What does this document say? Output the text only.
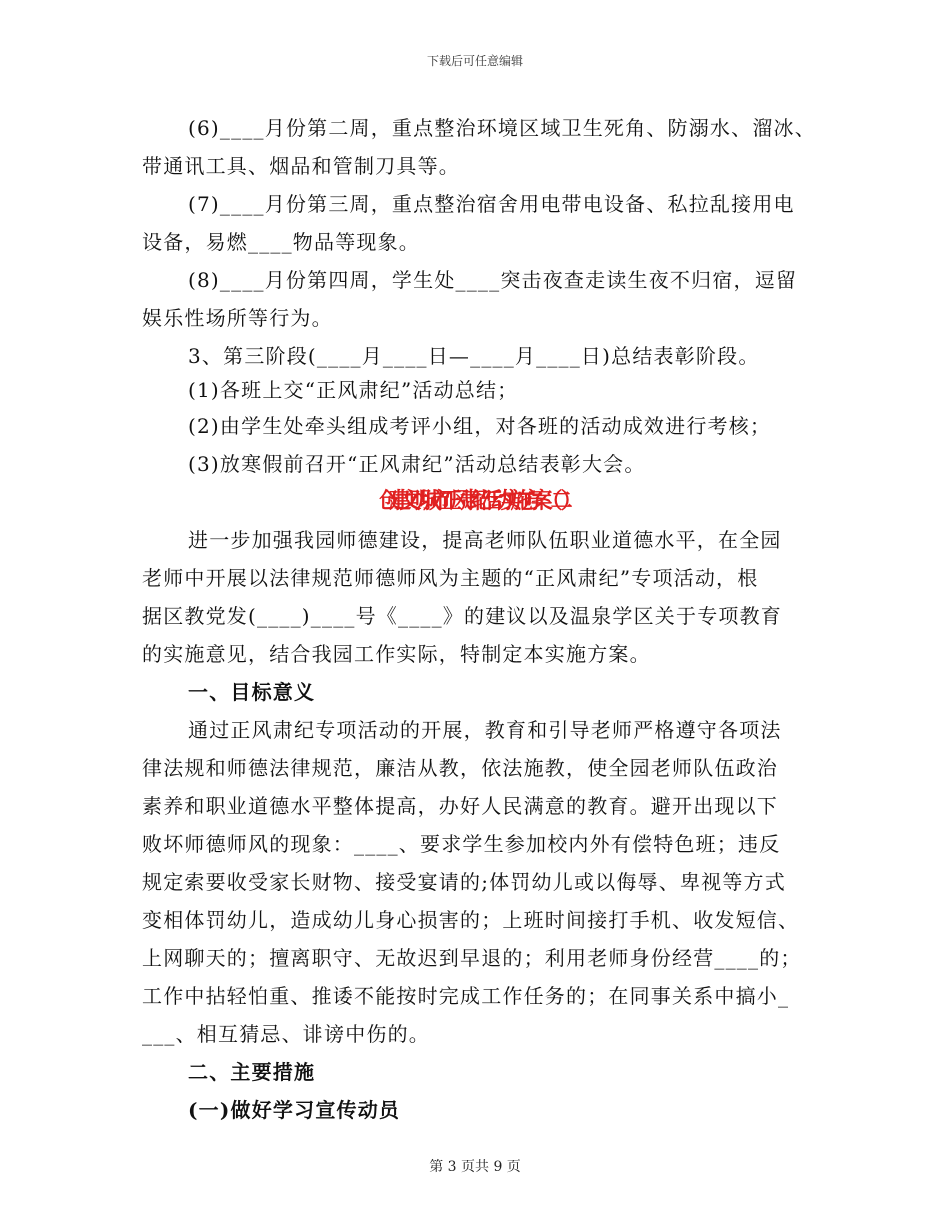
下载后可任意编辑
(6)____月份第二周，重点整治环境区域卫生死角、防溺水、溜冰、
带通讯工具、烟品和管制刀具等。
(7)____月份第三周，重点整治宿舍用电带电设备、私拉乱接用电
设备，易燃____物品等现象。
(8)____月份第四周，学生处____突击夜查走读生夜不归宿，逗留
娱乐性场所等行为。
3、第三阶段(____月____日—____月____日)总结表彰阶段。
(1)各班上交“正风肃纪”活动总结；
(2)由学生处牵头组成考评小组，对各班的活动成效进行考核；
(3)放寒假前召开“正风肃纪”活动总结表彰大会。
创建文明城市“正风肃纪”活动实施方案（二）
进一步加强我园师德建设，提高老师队伍职业道德水平，在全园
老师中开展以法律规范师德师风为主题的“正风肃纪”专项活动，根
据区教党发(____)____号《____》的建议以及温泉学区关于专项教育
的实施意见，结合我园工作实际，特制定本实施方案。
一、目标意义
通过正风肃纪专项活动的开展，教育和引导老师严格遵守各项法
律法规和师德法律规范，廉洁从教，依法施教，使全园老师队伍政治
素养和职业道德水平整体提高，办好人民满意的教育。避开出现以下
败坏师德师风的现象：____、要求学生参加校内外有偿特色班；违反
规定索要收受家长财物、接受宴请的;体罚幼儿或以侮辱、卑视等方式
变相体罚幼儿，造成幼儿身心损害的；上班时间接打手机、收发短信、
上网聊天的；擅离职守、无故迟到早退的；利用老师身份经营____的；
工作中拈轻怕重、推诿不能按时完成工作任务的；在同事关系中搞小_
___、相互猜忌、诽谤中伤的。
二、主要措施
(一)做好学习宣传动员
第 3 页共 9 页
